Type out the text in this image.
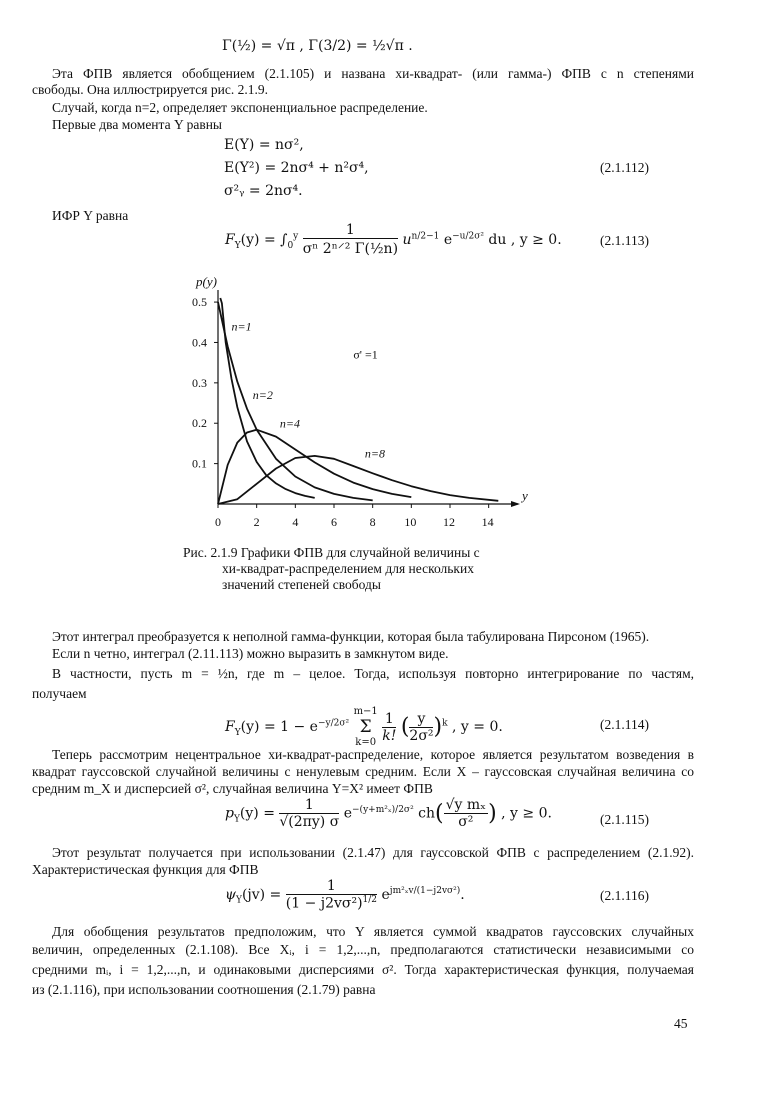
Γ(½) = √π , Γ(3/2) = ½√π .
Эта ФПВ является обобщением (2.1.105) и названа хи-квадрат- (или гамма-) ФПВ с n степенями
свободы. Она иллюстрируется рис. 2.1.9.
Случай, когда n=2, определяет экспоненциальное распределение.
Первые два момента Y равны
E(Y) = nσ²,
E(Y²) = 2nσ⁴ + n²σ⁴,
σ²ᵧ = 2nσ⁴.
(2.1.112)
ИФР Y равна
$F_Y(y) = \int_0^y \frac{1}{\text{σⁿ 2ⁿ⸍² Γ(½n)}} u^{n/2-1}$ $e^{-u/2\sigma^2}$ du , y ≥ 0.	(2.1.113)
0	2	4	6	8 10 12 14
0.1
0.2
0.3
0.4
0.5
y
p(y)
σ' =1
n=1
n=2
n=4
n=8
Рис. 2.1.9 Графики ФПВ для случайной величины с
хи-квадрат-распределением для нескольких
значений степеней свободы
Этот интеграл преобразуется к неполной гамма-функции, которая была табулирована Пирсоном (1965).
Если n четно, интеграл (2.11.113) можно выразить в замкнутом виде.
В частности, пусть m = ½n, где m – целое. Тогда, используя повторно интегрирование по частям,
получаем
$F_Y(y) = 1 - e^{-y/2\sigma^2}$
m−1
Σ
k=0
$\frac{1}{k!}$ ( $\frac{y}{\text{2σ²}} )^k$ , y = 0.	(2.1.114)
Теперь рассмотрим нецентральное хи-квадрат-распределение, которое является результатом возведения в
квадрат гауссовской случайной величины с ненулевым средним. Если X – гауссовская случайная величина со
средним m_X и дисперсией σ², случайная величина Y=X² имеет ФПВ
$p_Y(y) = \frac{1}{√(2\pi y) \sigma} e^{-(y+m^2_x)/2\sigma^2}$ $ch( \frac{\text{√y mₓ}}{\text{σ²}}$ ) , y ≥ 0.	(2.1.115)
Этот результат получается при использовании (2.1.47) для гауссовской ФПВ с распределением (2.1.92).
Характеристическая функция для ФПВ
$\psi_Y(jv) = \frac{1}{(1 - j2v\sigma^2)^{1/2}} e^{jm^2_xv/(1-j2v\sigma^2)}$.	(2.1.116)
Для обобщения результатов предположим, что Y является суммой квадратов гауссовских случайных
величин, определенных (2.1.108). Все Xᵢ, i = 1,2,...,n, предполагаются статистически независимыми со
средними mᵢ, i = 1,2,...,n, и одинаковыми дисперсиями σ². Тогда характеристическая функция, получаемая
из (2.1.116), при использовании соотношения (2.1.79) равна
45
